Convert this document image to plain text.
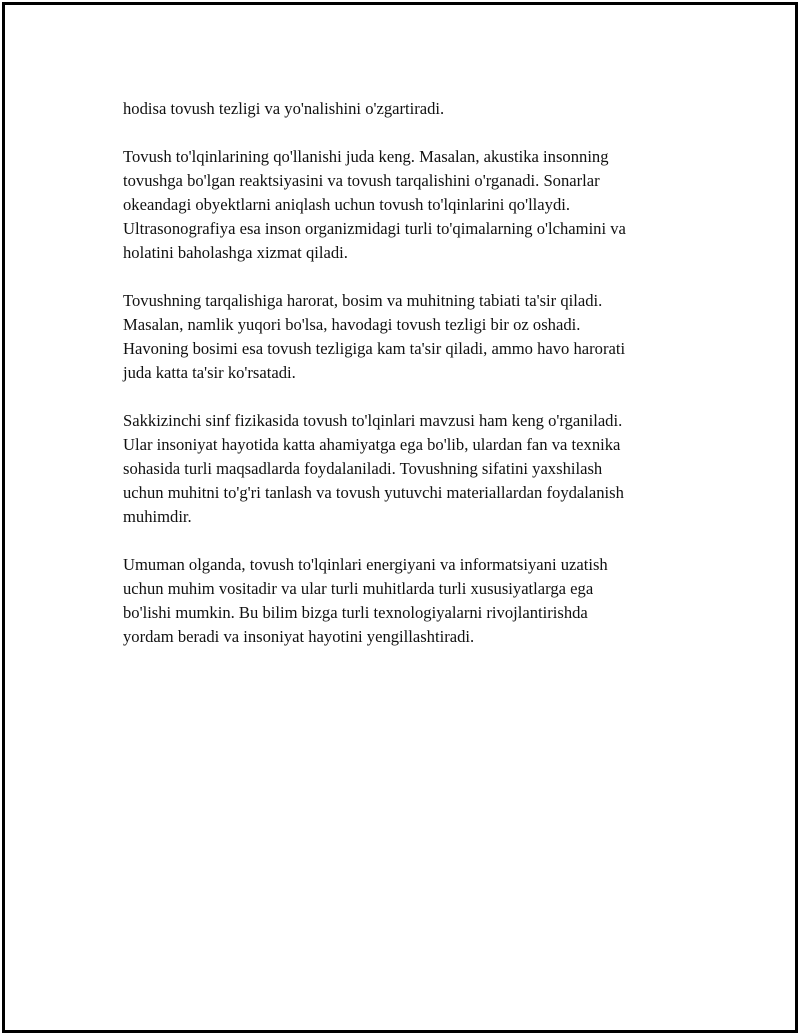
hodisa tovush tezligi va yo'nalishini o'zgartiradi.

Tovush to'lqinlarining qo'llanishi juda keng. Masalan, akustika insonning
tovushga bo'lgan reaktsiyasini va tovush tarqalishini o'rganadi. Sonarlar
okeandagi obyektlarni aniqlash uchun tovush to'lqinlarini qo'llaydi.
Ultrasonografiya esa inson organizmidagi turli to'qimalarning o'lchamini va
holatini baholashga xizmat qiladi.

Tovushning tarqalishiga harorat, bosim va muhitning tabiati ta'sir qiladi.
Masalan, namlik yuqori bo'lsa, havodagi tovush tezligi bir oz oshadi.
Havoning bosimi esa tovush tezligiga kam ta'sir qiladi, ammo havo harorati
juda katta ta'sir ko'rsatadi.

Sakkizinchi sinf fizikasida tovush to'lqinlari mavzusi ham keng o'rganiladi.
Ular insoniyat hayotida katta ahamiyatga ega bo'lib, ulardan fan va texnika
sohasida turli maqsadlarda foydalaniladi. Tovushning sifatini yaxshilash
uchun muhitni to'g'ri tanlash va tovush yutuvchi materiallardan foydalanish
muhimdir.

Umuman olganda, tovush to'lqinlari energiyani va informatsiyani uzatish
uchun muhim vositadir va ular turli muhitlarda turli xususiyatlarga ega
bo'lishi mumkin. Bu bilim bizga turli texnologiyalarni rivojlantirishda
yordam beradi va insoniyat hayotini yengillashtiradi.
